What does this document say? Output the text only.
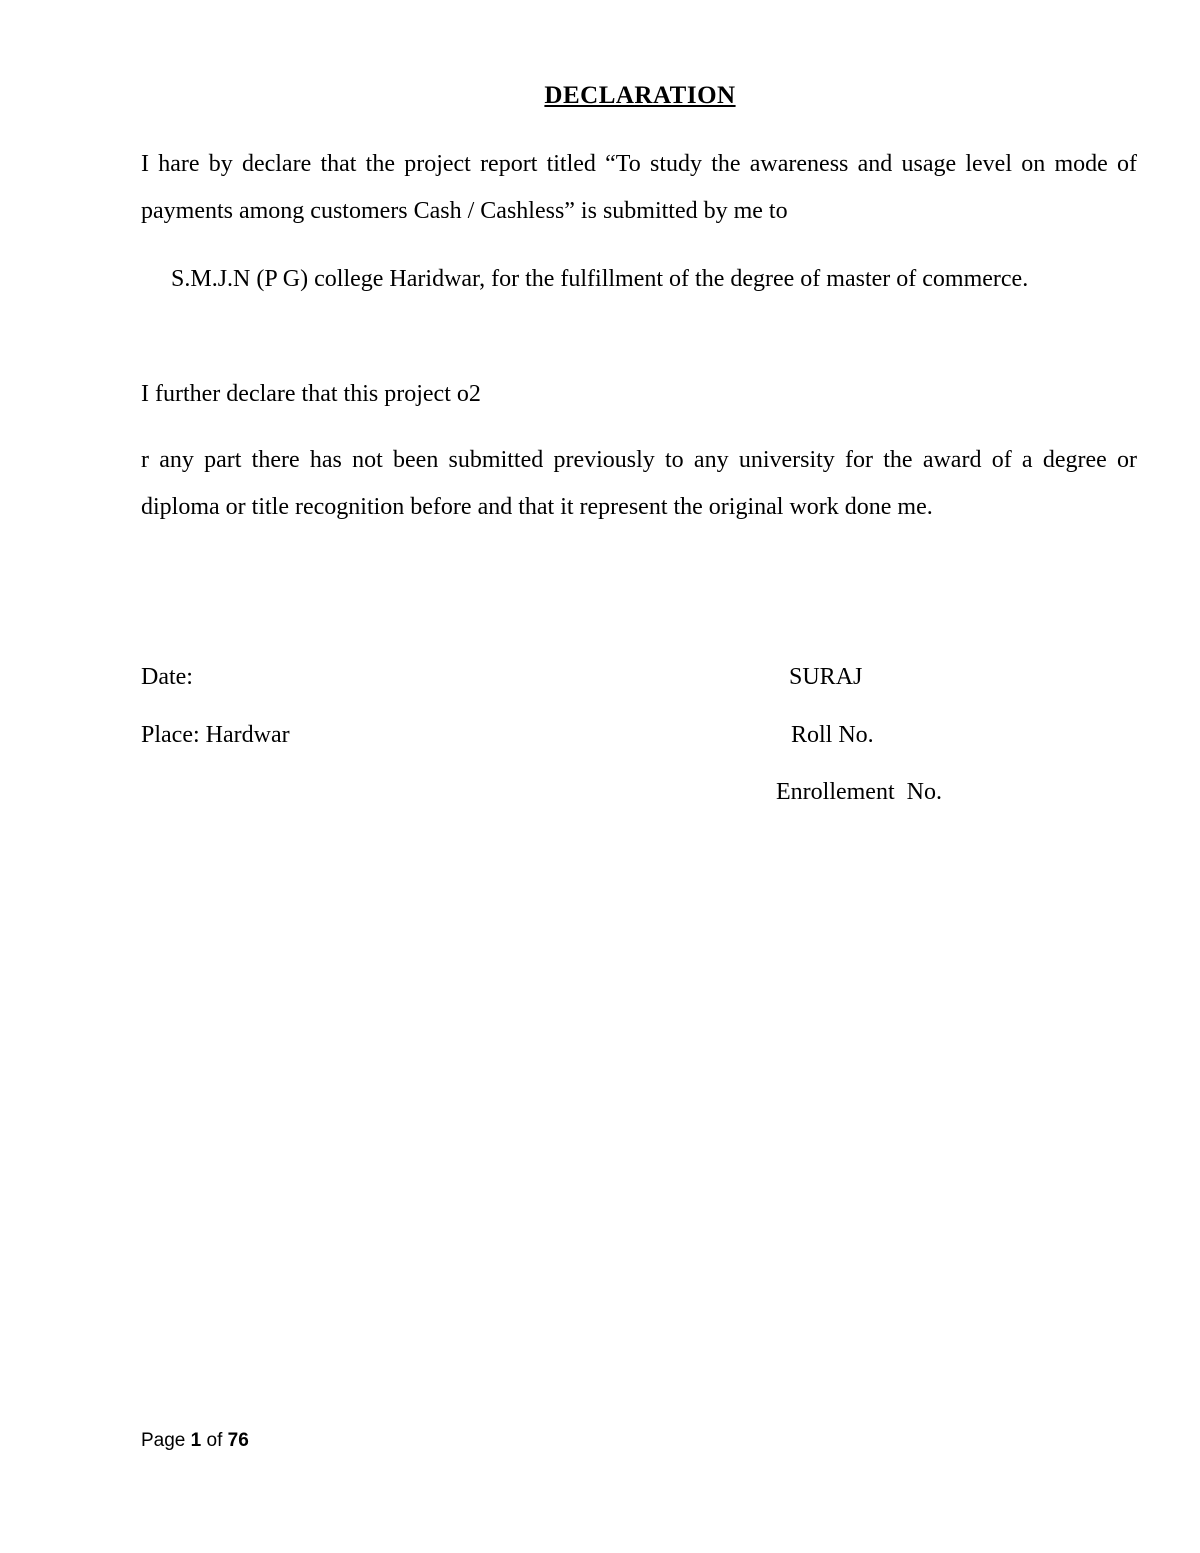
DECLARATION

I hare by declare that the project report titled “To study the awareness and usage level on mode of payments among customers Cash / Cashless” is submitted by me to

S.M.J.N (P G) college Haridwar, for the fulfillment of the degree of master of commerce.

I further declare that this project o2

r any part there has not been submitted previously to any university for the award of a degree or diploma or title recognition before and that it represent the original work done me.

Date:
Place: Hardwar
SURAJ
Roll No.
Enrollement No.
Page 1 of 76
